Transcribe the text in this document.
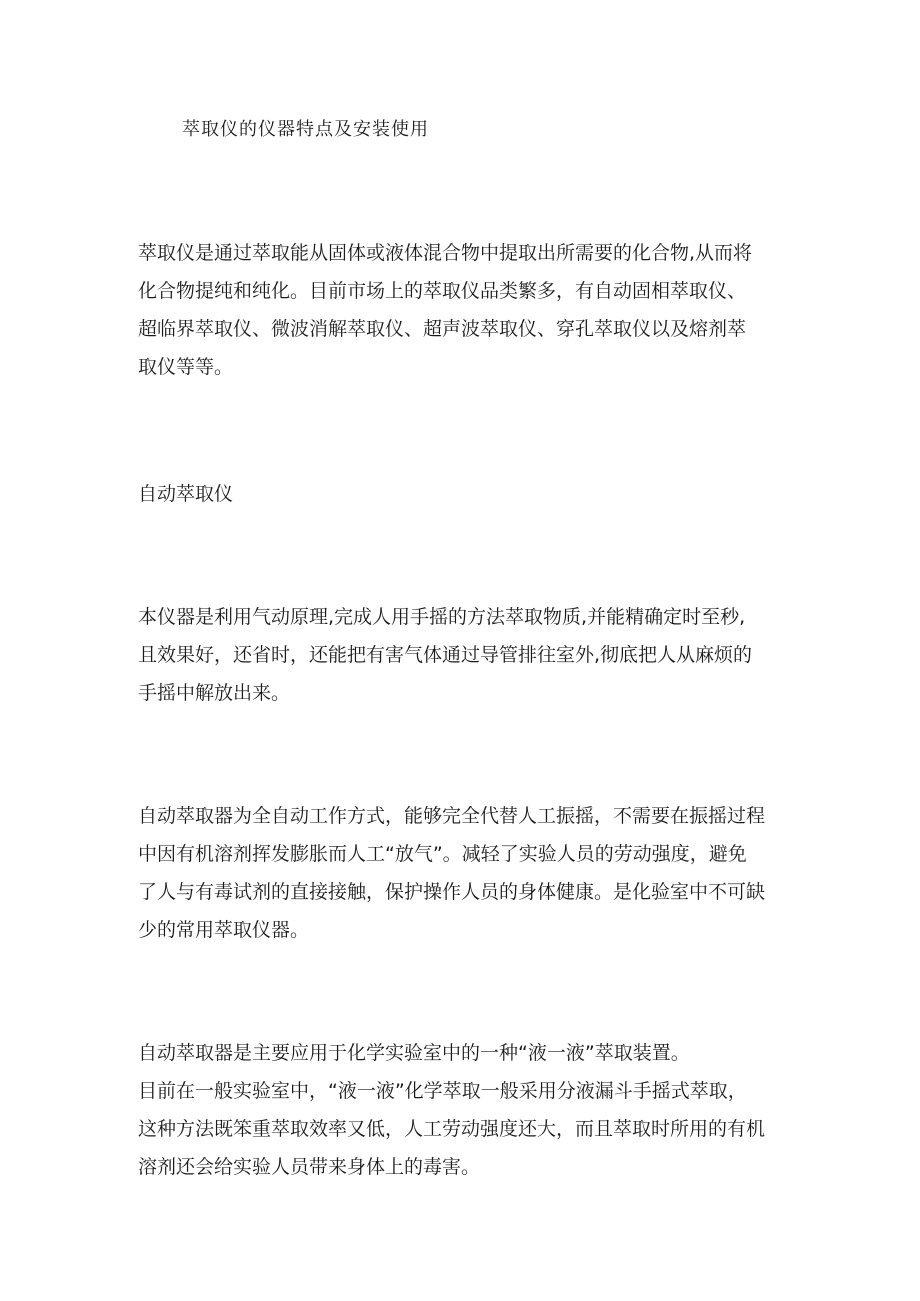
萃取仪的仪器特点及安装使用

萃取仪是通过萃取能从固体或液体混合物中提取出所需要的化合物,从而将

化合物提纯和纯化。目前市场上的萃取仪品类繁多，有自动固相萃取仪、

超临界萃取仪、微波消解萃取仪、超声波萃取仪、穿孔萃取仪以及熔剂萃

取仪等等。

自动萃取仪

本仪器是利用气动原理,完成人用手摇的方法萃取物质,并能精确定时至秒,

且效果好，还省时，还能把有害气体通过导管排往室外,彻底把人从麻烦的

手摇中解放出来。

自动萃取器为全自动工作方式，能够完全代替人工振摇，不需要在振摇过程

中因有机溶剂挥发膨胀而人工“放气”。减轻了实验人员的劳动强度，避免

了人与有毒试剂的直接接触，保护操作人员的身体健康。是化验室中不可缺

少的常用萃取仪器。

自动萃取器是主要应用于化学实验室中的一种“液一液”萃取装置。

目前在一般实验室中，“液一液”化学萃取一般采用分液漏斗手摇式萃取，

这种方法既笨重萃取效率又低，人工劳动强度还大，而且萃取时所用的有机

溶剂还会给实验人员带来身体上的毒害。
